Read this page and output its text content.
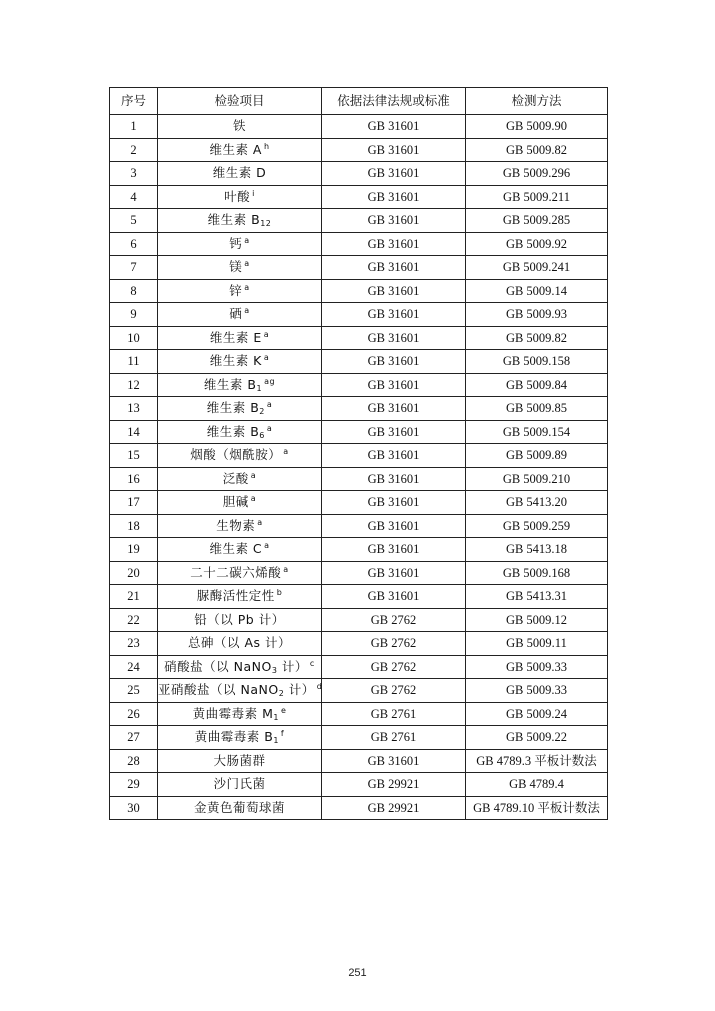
序号	检验项目	依据法律法规或标准	检测方法
1	铁	GB 31601	GB 5009.90
2	维生素 A $^h$	GB 31601	GB 5009.82
3	维生素 D	GB 31601	GB 5009.296
4	叶酸 $^i$	GB 31601	GB 5009.211
5	维生素 $B_{12}$	GB 31601	GB 5009.285
6	钙 $^a$	GB 31601	GB 5009.92
7	镁 $^a$	GB 31601	GB 5009.241
8	锌 $^a$	GB 31601	GB 5009.14
9	硒 $^a$	GB 31601	GB 5009.93
10	维生素 E $^a$	GB 31601	GB 5009.82
11	维生素 K $^a$	GB 31601	GB 5009.158
12	维生素 $B_1^{ag}$	GB 31601	GB 5009.84
13	维生素 $B_2^a$	GB 31601	GB 5009.85
14	维生素 $B_6^a$	GB 31601	GB 5009.154
15	烟酸（烟酰胺） $^a$	GB 31601	GB 5009.89
16	泛酸 $^a$	GB 31601	GB 5009.210
17	胆碱 $^a$	GB 31601	GB 5413.20
18	生物素 $^a$	GB 31601	GB 5009.259
19	维生素 C $^a$	GB 31601	GB 5413.18
20	二十二碳六烯酸 $^a$	GB 31601	GB 5009.168
21	脲酶活性定性 $^b$	GB 31601	GB 5413.31
22	铅（以 Pb 计）	GB 2762	GB 5009.12
23	总砷（以 As 计）	GB 2762	GB 5009.11
24	硝酸盐（以 NaNO$_3$ 计） $^c$	GB 2762	GB 5009.33
25	亚硝酸盐（以 NaNO$_2$ 计） $^d$	GB 2762	GB 5009.33
26	黄曲霉毒素 $M_1^e$	GB 2761	GB 5009.24
27	黄曲霉毒素 $B_1^f$	GB 2761	GB 5009.22
28	大肠菌群	GB 31601	GB 4789.3 平板计数法
29	沙门氏菌	GB 29921	GB 4789.4
30	金黄色葡萄球菌	GB 29921	GB 4789.10 平板计数法
251
